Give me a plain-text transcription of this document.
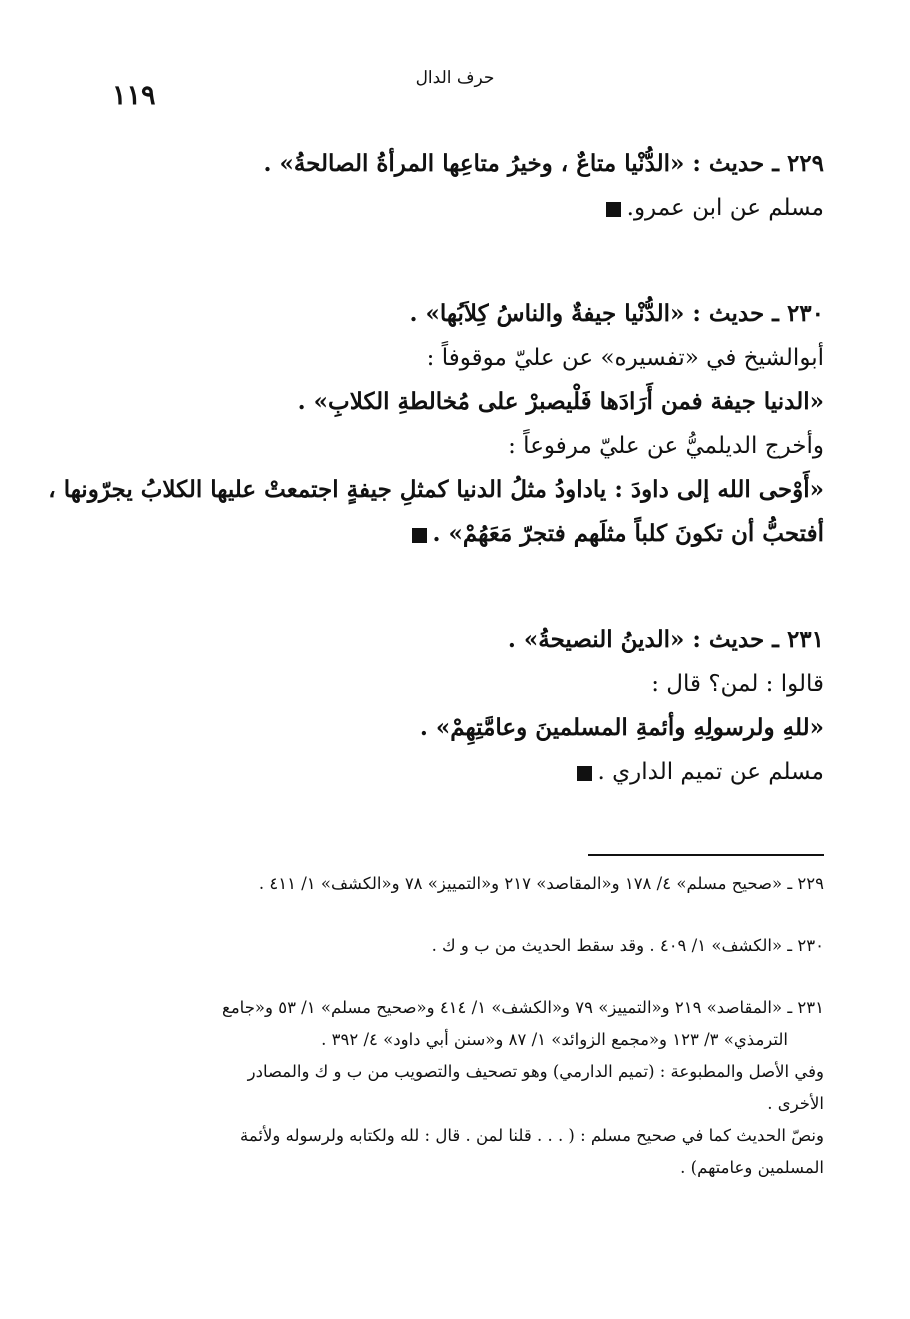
١١٩
حرف الدال
٢٢٩ ـ حديث : «الدُّنْيا متاعٌ ، وخيرُ متاعِها المرأةُ الصالحةُ» .
مسلم عن ابن عمرو.
٢٣٠ ـ حديث : «الدُّنْيا جيفةٌ والناسُ كِلاَبُها» .
أبوالشيخ في «تفسيره» عن عليّ موقوفاً :
«الدنيا جيفة فمن أَرَادَها فَلْيصبرْ على مُخالطةِ الكلابِ» .
وأخرج الديلميُّ عن عليّ مرفوعاً :
«أَوْحى الله إلى داودَ : ياداودُ مثلُ الدنيا كمثلِ جيفةٍ اجتمعتْ عليها الكلابُ يجرّونها ،
أفتحبُّ أن تكونَ كلباً مثلَهم فتجرّ مَعَهُمْ» .
٢٣١ ـ حديث : «الدينُ النصيحةُ» .
قالوا : لمن؟ قال :
«للهِ ولرسولِهِ وأئمةِ المسلمينَ وعامَّتِهِمْ» .
مسلم عن تميم الداري .
٢٢٩ ـ «صحيح مسلم» ٤/ ١٧٨ و«المقاصد» ٢١٧ و«التمييز» ٧٨ و«الكشف» ١/ ٤١١ .
٢٣٠ ـ «الكشف» ١/ ٤٠٩ . وقد سقط الحديث من ب و ك .
٢٣١ ـ «المقاصد» ٢١٩ و«التمييز» ٧٩ و«الكشف» ١/ ٤١٤ و«صحيح مسلم» ١/ ٥٣ و«جامع
الترمذي» ٣/ ١٢٣ و«مجمع الزوائد» ١/ ٨٧ و«سنن أبي داود» ٤/ ٣٩٢ .
وفي الأصل والمطبوعة : (تميم الدارمي) وهو تصحيف والتصويب من ب و ك والمصادر
الأخرى .
ونصّ الحديث كما في صحيح مسلم : ( . . . قلنا لمن . قال : لله ولكتابه ولرسوله ولأئمة
المسلمين وعامتهم) .
